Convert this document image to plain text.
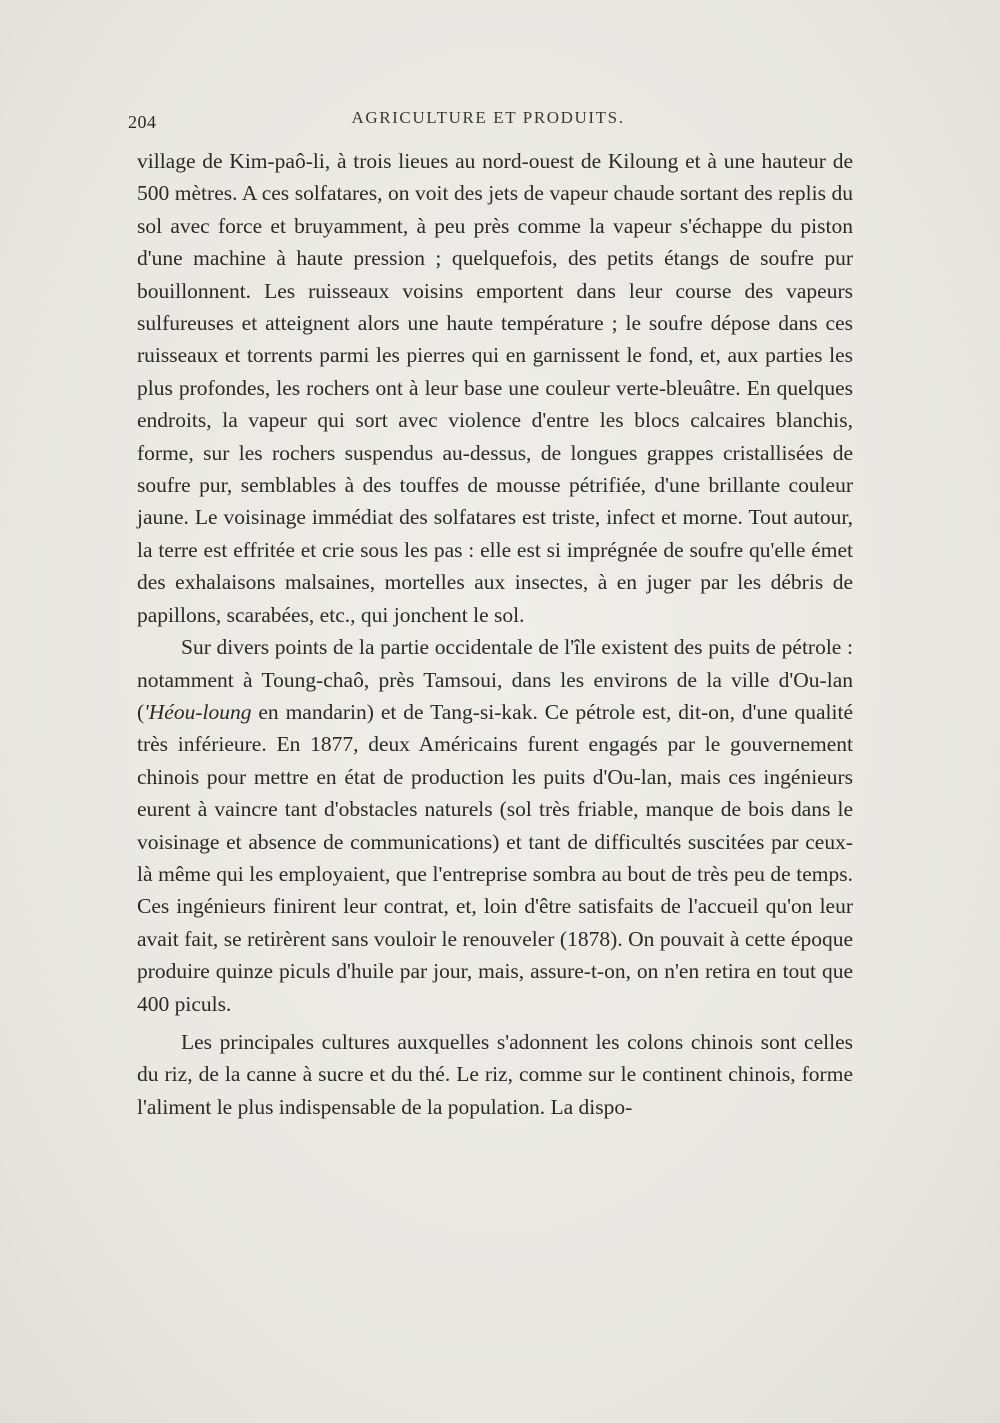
204	AGRICULTURE ET PRODUITS.

village de Kim-paô-li, à trois lieues au nord-ouest de Kiloung et à une hauteur de 500 mètres. A ces solfatares, on voit des jets de vapeur chaude sortant des replis du sol avec force et bruyamment, à peu près comme la vapeur s'échappe du piston d'une machine à haute pression ; quelquefois, des petits étangs de soufre pur bouillonnent. Les ruisseaux voisins emportent dans leur course des vapeurs sulfureuses et atteignent alors une haute température ; le soufre dépose dans ces ruisseaux et torrents parmi les pierres qui en garnissent le fond, et, aux parties les plus profondes, les rochers ont à leur base une couleur verte-bleuâtre. En quelques endroits, la vapeur qui sort avec violence d'entre les blocs calcaires blanchis, forme, sur les rochers suspendus au-dessus, de longues grappes cristallisées de soufre pur, semblables à des touffes de mousse pétrifiée, d'une brillante couleur jaune. Le voisinage immédiat des solfatares est triste, infect et morne. Tout autour, la terre est effritée et crie sous les pas : elle est si imprégnée de soufre qu'elle émet des exhalaisons malsaines, mortelles aux insectes, à en juger par les débris de papillons, scarabées, etc., qui jonchent le sol.

Sur divers points de la partie occidentale de l'île existent des puits de pétrole : notamment à Toung-chaô, près Tamsoui, dans les environs de la ville d'Ou-lan ('Héou-loung en mandarin) et de Tang-si-kak. Ce pétrole est, dit-on, d'une qualité très inférieure. En 1877, deux Américains furent engagés par le gouvernement chinois pour mettre en état de production les puits d'Ou-lan, mais ces ingénieurs eurent à vaincre tant d'obstacles naturels (sol très friable, manque de bois dans le voisinage et absence de communications) et tant de difficultés suscitées par ceux-là même qui les employaient, que l'entreprise sombra au bout de très peu de temps. Ces ingénieurs finirent leur contrat, et, loin d'être satisfaits de l'accueil qu'on leur avait fait, se retirèrent sans vouloir le renouveler (1878). On pouvait à cette époque produire quinze piculs d'huile par jour, mais, assure-t-on, on n'en retira en tout que 400 piculs.

Les principales cultures auxquelles s'adonnent les colons chinois sont celles du riz, de la canne à sucre et du thé. Le riz, comme sur le continent chinois, forme l'aliment le plus indispensable de la population. La dispo-
